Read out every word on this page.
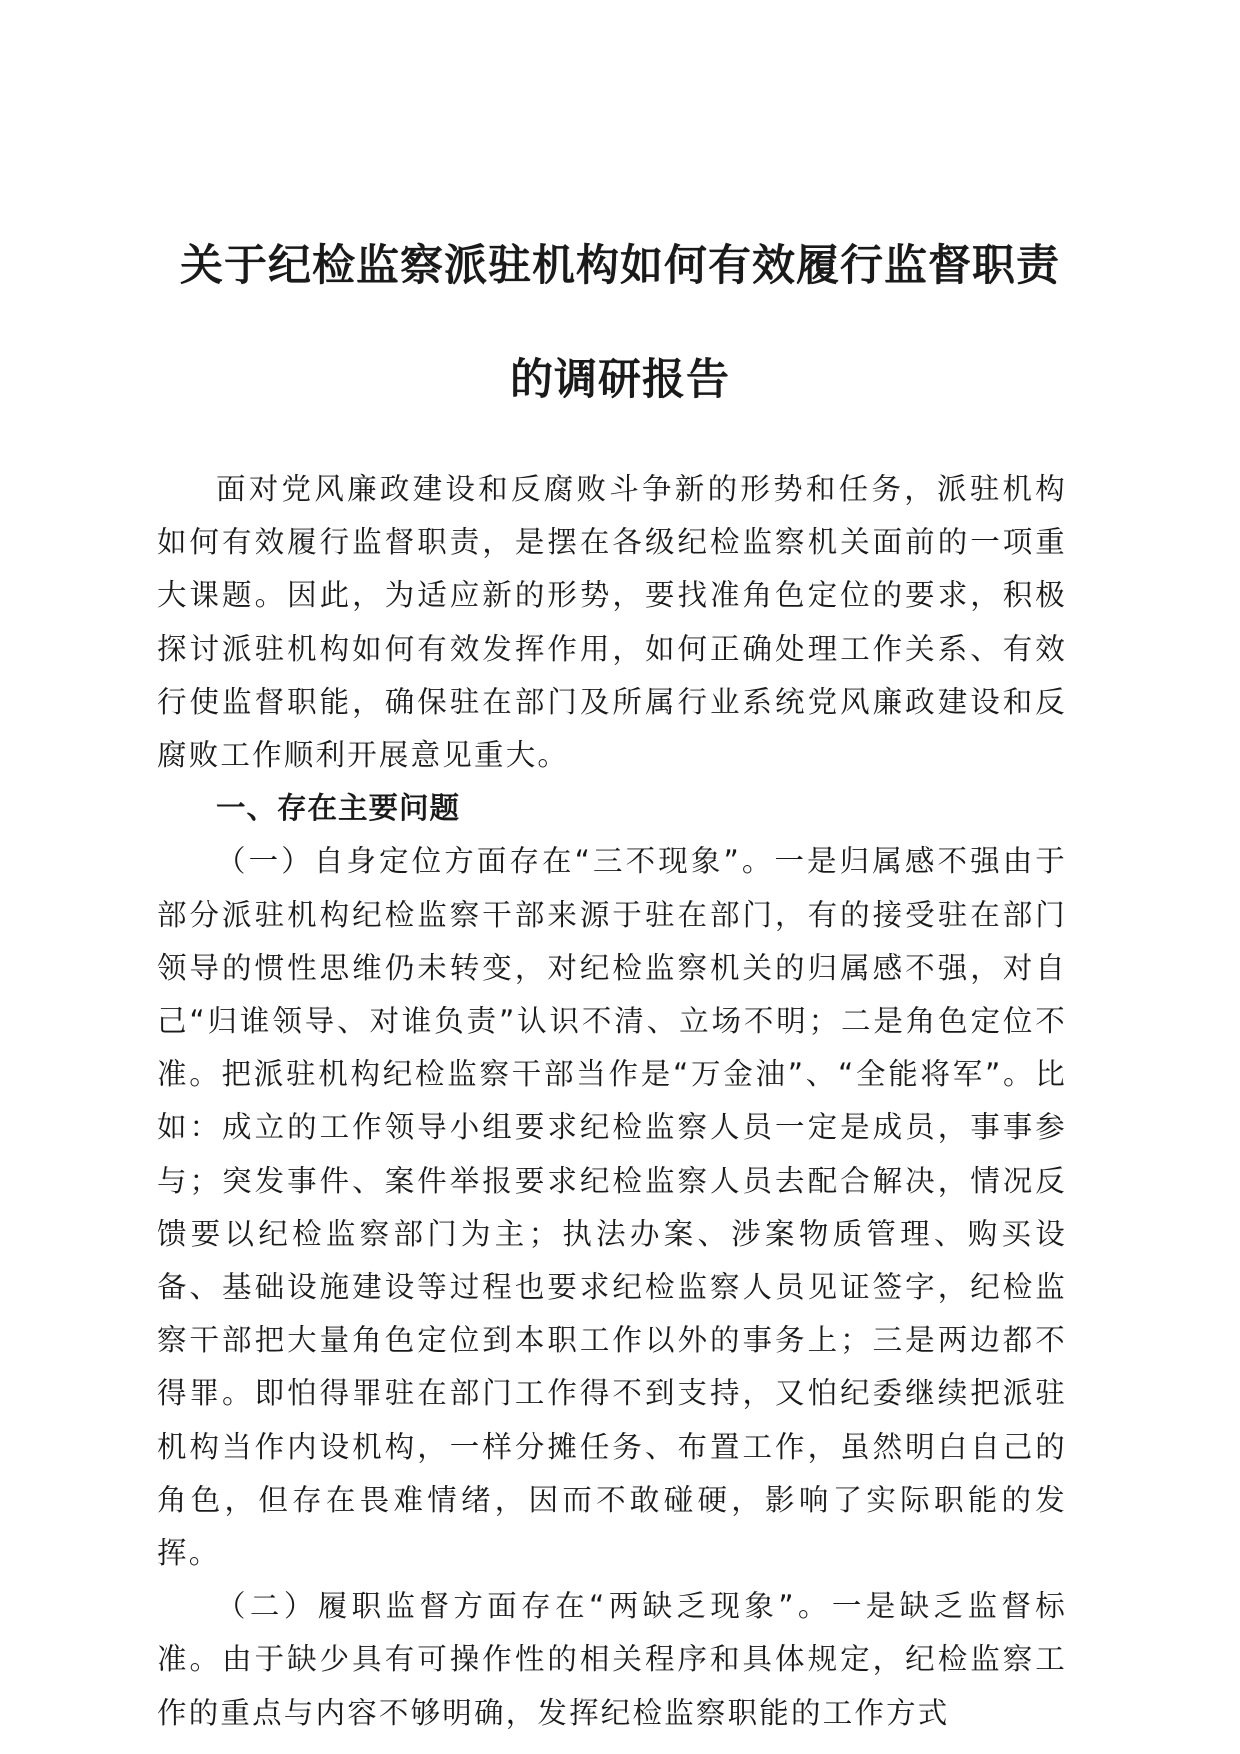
关于纪检监察派驻机构如何有效履行监督职责
的调研报告

面对党风廉政建设和反腐败斗争新的形势和任务，派驻机构如何有效履行监督职责，是摆在各级纪检监察机关面前的一项重大课题。因此，为适应新的形势，要找准角色定位的要求，积极探讨派驻机构如何有效发挥作用，如何正确处理工作关系、有效行使监督职能，确保驻在部门及所属行业系统党风廉政建设和反腐败工作顺利开展意见重大。

一、存在主要问题

（一）自身定位方面存在“三不现象”。一是归属感不强由于部分派驻机构纪检监察干部来源于驻在部门，有的接受驻在部门领导的惯性思维仍未转变，对纪检监察机关的归属感不强，对自己“归谁领导、对谁负责”认识不清、立场不明；二是角色定位不准。把派驻机构纪检监察干部当作是“万金油”、“全能将军”。比如：成立的工作领导小组要求纪检监察人员一定是成员，事事参与；突发事件、案件举报要求纪检监察人员去配合解决，情况反馈要以纪检监察部门为主；执法办案、涉案物质管理、购买设备、基础设施建设等过程也要求纪检监察人员见证签字，纪检监察干部把大量角色定位到本职工作以外的事务上；三是两边都不得罪。即怕得罪驻在部门工作得不到支持，又怕纪委继续把派驻机构当作内设机构，一样分摊任务、布置工作，虽然明白自己的角色，但存在畏难情绪，因而不敢碰硬，影响了实际职能的发挥。

（二）履职监督方面存在“两缺乏现象”。一是缺乏监督标准。由于缺少具有可操作性的相关程序和具体规定，纪检监察工作的重点与内容不够明确，发挥纪检监察职能的工作方式
